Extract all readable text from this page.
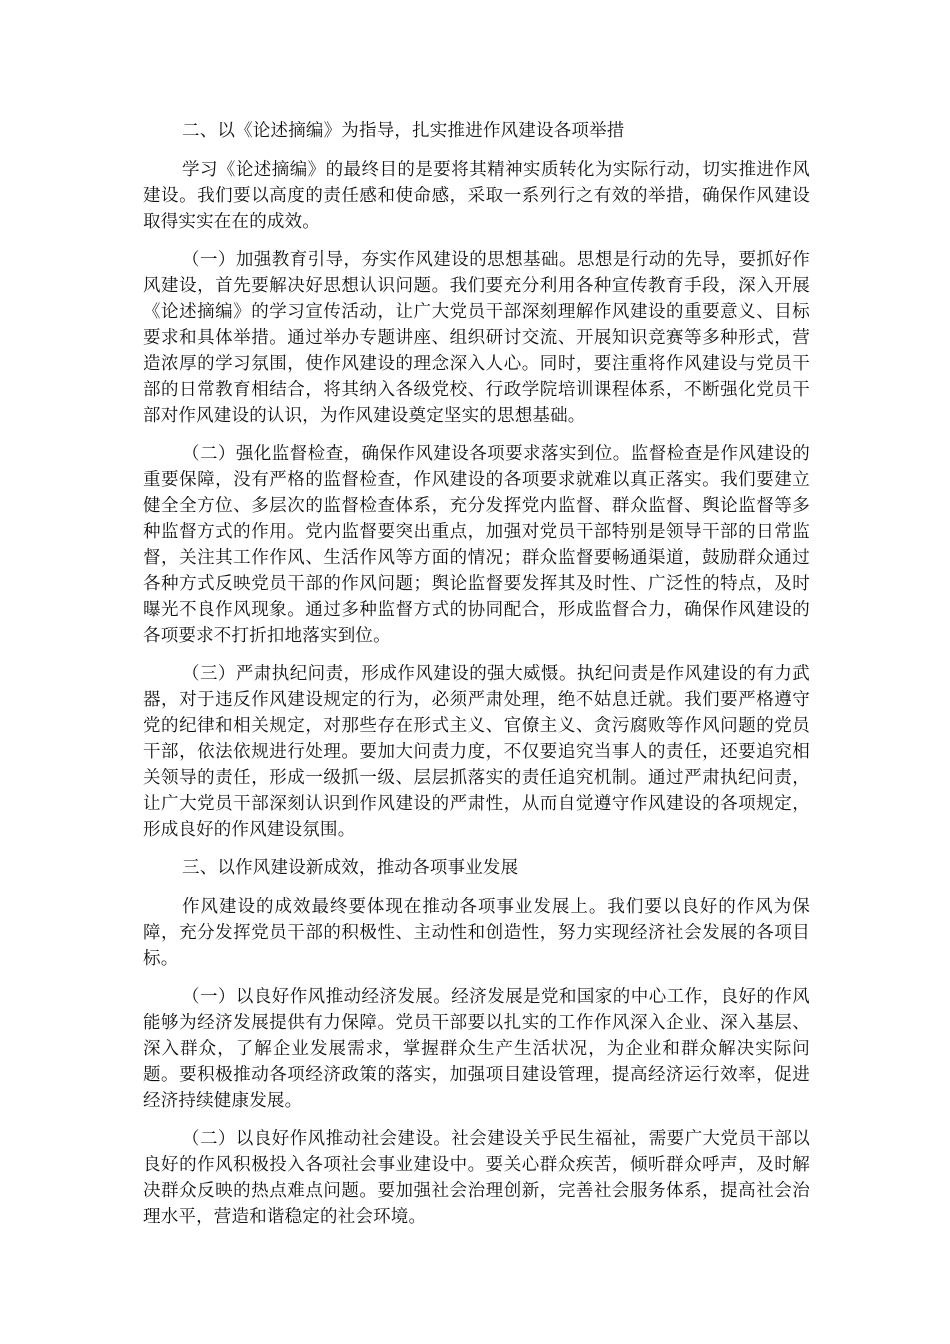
二、以《论述摘编》为指导，扎实推进作风建设各项举措

学习《论述摘编》的最终目的是要将其精神实质转化为实际行动，切实推进作风建设。我们要以高度的责任感和使命感，采取一系列行之有效的举措，确保作风建设取得实实在在的成效。

（一）加强教育引导，夯实作风建设的思想基础。思想是行动的先导，要抓好作风建设，首先要解决好思想认识问题。我们要充分利用各种宣传教育手段，深入开展《论述摘编》的学习宣传活动，让广大党员干部深刻理解作风建设的重要意义、目标要求和具体举措。通过举办专题讲座、组织研讨交流、开展知识竞赛等多种形式，营造浓厚的学习氛围，使作风建设的理念深入人心。同时，要注重将作风建设与党员干部的日常教育相结合，将其纳入各级党校、行政学院培训课程体系，不断强化党员干部对作风建设的认识，为作风建设奠定坚实的思想基础。

（二）强化监督检查，确保作风建设各项要求落实到位。监督检查是作风建设的重要保障，没有严格的监督检查，作风建设的各项要求就难以真正落实。我们要建立健全全方位、多层次的监督检查体系，充分发挥党内监督、群众监督、舆论监督等多种监督方式的作用。党内监督要突出重点，加强对党员干部特别是领导干部的日常监督，关注其工作作风、生活作风等方面的情况；群众监督要畅通渠道，鼓励群众通过各种方式反映党员干部的作风问题；舆论监督要发挥其及时性、广泛性的特点，及时曝光不良作风现象。通过多种监督方式的协同配合，形成监督合力，确保作风建设的各项要求不打折扣地落实到位。

（三）严肃执纪问责，形成作风建设的强大威慑。执纪问责是作风建设的有力武器，对于违反作风建设规定的行为，必须严肃处理，绝不姑息迁就。我们要严格遵守党的纪律和相关规定，对那些存在形式主义、官僚主义、贪污腐败等作风问题的党员干部，依法依规进行处理。要加大问责力度，不仅要追究当事人的责任，还要追究相关领导的责任，形成一级抓一级、层层抓落实的责任追究机制。通过严肃执纪问责，让广大党员干部深刻认识到作风建设的严肃性，从而自觉遵守作风建设的各项规定，形成良好的作风建设氛围。

三、以作风建设新成效，推动各项事业发展

作风建设的成效最终要体现在推动各项事业发展上。我们要以良好的作风为保障，充分发挥党员干部的积极性、主动性和创造性，努力实现经济社会发展的各项目标。

（一）以良好作风推动经济发展。经济发展是党和国家的中心工作，良好的作风能够为经济发展提供有力保障。党员干部要以扎实的工作作风深入企业、深入基层、深入群众，了解企业发展需求，掌握群众生产生活状况，为企业和群众解决实际问题。要积极推动各项经济政策的落实，加强项目建设管理，提高经济运行效率，促进经济持续健康发展。

（二）以良好作风推动社会建设。社会建设关乎民生福祉，需要广大党员干部以良好的作风积极投入各项社会事业建设中。要关心群众疾苦，倾听群众呼声，及时解决群众反映的热点难点问题。要加强社会治理创新，完善社会服务体系，提高社会治理水平，营造和谐稳定的社会环境。
